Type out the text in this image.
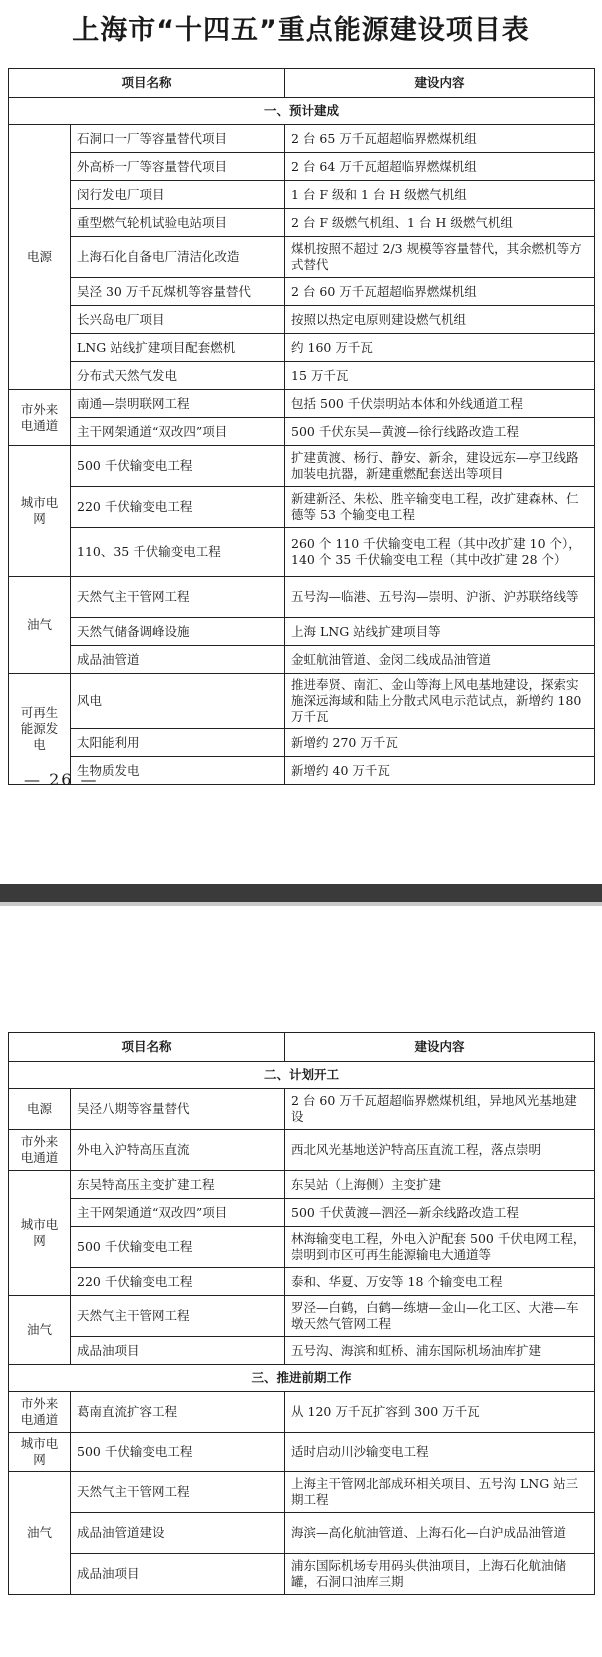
上海市“十四五”重点能源建设项目表
项目名称		建设内容
一、预计建成		
电源	石洞口一厂等容量替代项目	2 台 65 万千瓦超超临界燃煤机组
	外高桥一厂等容量替代项目	2 台 64 万千瓦超超临界燃煤机组
	闵行发电厂项目	1 台 F 级和 1 台 H 级燃气机组
	重型燃气轮机试验电站项目	2 台 F 级燃气机组、1 台 H 级燃气机组
	上海石化自备电厂清洁化改造	煤机按照不超过 2/3 规模等容量替代，其余燃机等方式替代
	吴泾 30 万千瓦煤机等容量替代	2 台 60 万千瓦超超临界燃煤机组
	长兴岛电厂项目	按照以热定电原则建设燃气机组
	LNG 站线扩建项目配套燃机	约 160 万千瓦
	分布式天然气发电	15 万千瓦
市外来电通道	南通—崇明联网工程	包括 500 千伏崇明站本体和外线通道工程
	主干网架通道“双改四”项目	500 千伏东吴—黄渡—徐行线路改造工程
城市电网	500 千伏输变电工程	扩建黄渡、杨行、静安、新余，建设远东—亭卫线路加装电抗器，新建重燃配套送出等项目
	220 千伏输变电工程	新建新泾、朱松、胜辛输变电工程，改扩建森林、仁德等 53 个输变电工程
	110、35 千伏输变电工程	260 个 110 千伏输变电工程（其中改扩建 10 个），140 个 35 千伏输变电工程（其中改扩建 28 个）
油气	天然气主干管网工程	五号沟—临港、五号沟—崇明、沪浙、沪苏联络线等
	天然气储备调峰设施	上海 LNG 站线扩建项目等
	成品油管道	金虹航油管道、金闵二线成品油管道
可再生能源发电	风电	推进奉贤、南汇、金山等海上风电基地建设，探索实施深远海域和陆上分散式风电示范试点，新增约 180 万千瓦
	太阳能利用	新增约 270 万千瓦
	生物质发电	新增约 40 万千瓦
— 26 —
项目名称		建设内容
二、计划开工		
电源	吴泾八期等容量替代	2 台 60 万千瓦超超临界燃煤机组，异地风光基地建设
市外来电通道	外电入沪特高压直流	西北风光基地送沪特高压直流工程，落点崇明
城市电网	东吴特高压主变扩建工程	东吴站（上海侧）主变扩建
	主干网架通道“双改四”项目	500 千伏黄渡—泗泾—新余线路改造工程
	500 千伏输变电工程	林海输变电工程，外电入沪配套 500 千伏电网工程，崇明到市区可再生能源输电大通道等
	220 千伏输变电工程	泰和、华夏、万安等 18 个输变电工程
油气	天然气主干管网工程	罗泾—白鹤，白鹤—练塘—金山—化工区、大港—车墩天然气管网工程
	成品油项目	五号沟、海滨和虹桥、浦东国际机场油库扩建
三、推进前期工作		
市外来电通道	葛南直流扩容工程	从 120 万千瓦扩容到 300 万千瓦
城市电网	500 千伏输变电工程	适时启动川沙输变电工程
油气	天然气主干管网工程	上海主干管网北部成环相关项目、五号沟 LNG 站三期工程
	成品油管道建设	海滨—高化航油管道、上海石化—白沪成品油管道
	成品油项目	浦东国际机场专用码头供油项目，上海石化航油储罐，石洞口油库三期
